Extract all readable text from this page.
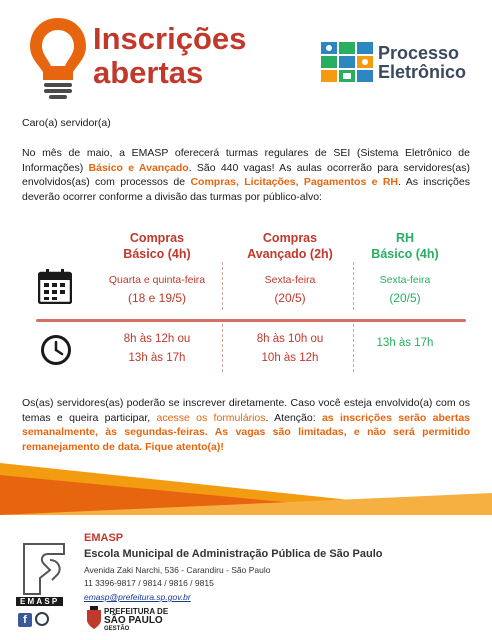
Inscrições
abertas
Processo
Eletrônico
Caro(a) servidor(a)
No mês de maio, a EMASP oferecerá turmas regulares de SEI (Sistema Eletrônico de Informações) Básico e Avançado. São 440 vagas! As aulas ocorrerão para servidores(as) envolvidos(as) com processos de Compras, Licitações, Pagamentos e RH. As inscrições deverão ocorrer conforme a divisão das turmas por público-alvo:
Compras
Básico (4h)
Compras
Avançado (2h)
RH
Básico (4h)
Quarta e quinta-feira
(18 e 19/5)
Sexta-feira
(20/5)
Sexta-feira
(20/5)
8h às 12h ou
13h às 17h
8h às 10h ou
10h às 12h
13h às 17h
Os(as) servidores(as) poderão se inscrever diretamente. Caso você esteja envolvido(a) com os temas e queira participar, acesse os formulários. Atenção: as inscrições serão abertas semanalmente, às segundas-feiras. As vagas são limitadas, e não será permitido remanejamento de data. Fique atento(a)!
EMASP
f
EMASP
Escola Municipal de Administração Pública de São Paulo
Avenida Zaki Narchi, 536 - Carandiru - São Paulo
11 3396-9817 / 9814 / 9816 / 9815
emasp@prefeitura.sp.gov.br
PREFEITURA DE
SÃO PAULO
GESTÃO
